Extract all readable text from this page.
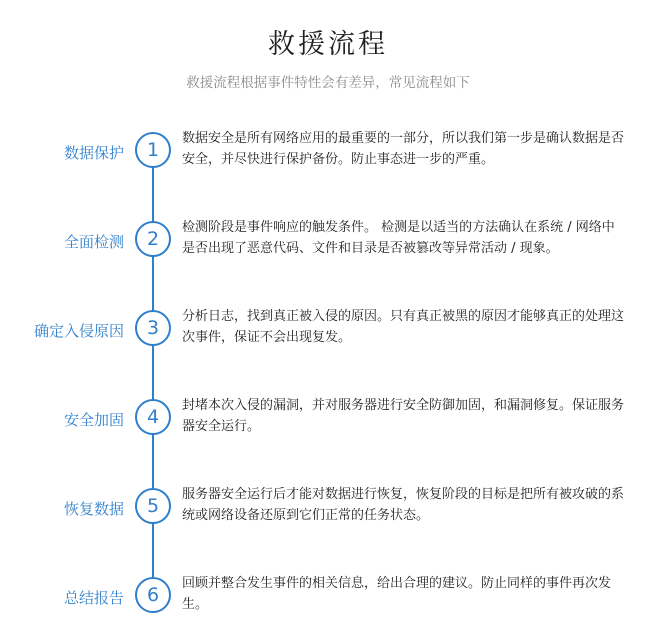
救援流程
救援流程根据事件特性会有差异，常见流程如下
数据保护	1
数据安全是所有网络应用的最重要的一部分，所以我们第一步是确认数据是否安全，并尽快进行保护备份。防止事态进一步的严重。
全面检测	2
检测阶段是事件响应的触发条件。 检测是以适当的方法确认在系统 / 网络中是否出现了恶意代码、文件和目录是否被篡改等异常活动 / 现象。
确定入侵原因	3
分析日志，找到真正被入侵的原因。只有真正被黑的原因才能够真正的处理这次事件，保证不会出现复发。
安全加固	4
封堵本次入侵的漏洞，并对服务器进行安全防御加固，和漏洞修复。保证服务器安全运行。
恢复数据	5
服务器安全运行后才能对数据进行恢复，恢复阶段的目标是把所有被攻破的系统或网络设备还原到它们正常的任务状态。
总结报告	6
回顾并整合发生事件的相关信息，给出合理的建议。防止同样的事件再次发生。
